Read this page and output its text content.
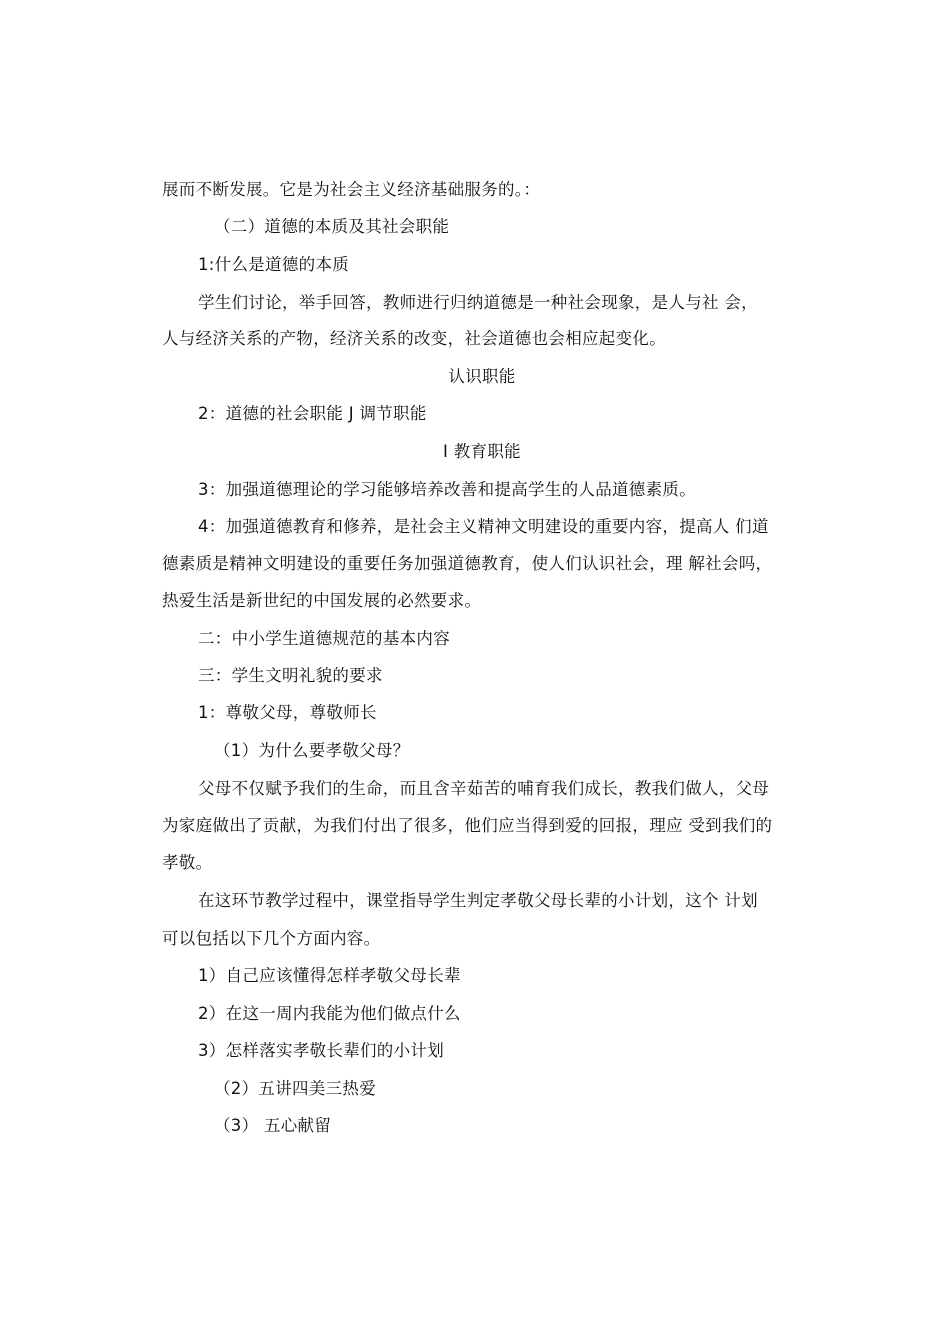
展而不断发展。它是为社会主义经济基础服务的。：
（二）道德的本质及其社会职能
1:什么是道德的本质
学生们讨论，举手回答，教师进行归纳道德是一种社会现象，是人与社 会，
人与经济关系的产物，经济关系的改变，社会道德也会相应起变化。
认识职能
2：道德的社会职能 J 调节职能
I 教育职能
3：加强道德理论的学习能够培养改善和提高学生的人品道德素质。
4：加强道德教育和修养，是社会主义精神文明建设的重要内容，提高人 们道
德素质是精神文明建设的重要任务加强道德教育，使人们认识社会，理 解社会吗，
热爱生活是新世纪的中国发展的必然要求。
二：中小学生道德规范的基本内容
三：学生文明礼貌的要求
1：尊敬父母，尊敬师长
（1）为什么要孝敬父母？
父母不仅赋予我们的生命，而且含辛茹苦的哺育我们成长，教我们做人，父母
为家庭做出了贡献，为我们付出了很多，他们应当得到爱的回报，理应 受到我们的
孝敬。
在这环节教学过程中，课堂指导学生判定孝敬父母长辈的小计划，这个 计划
可以包括以下几个方面内容。
1）自己应该懂得怎样孝敬父母长辈
2）在这一周内我能为他们做点什么
3）怎样落实孝敬长辈们的小计划
（2）五讲四美三热爱
（3） 五心献留
